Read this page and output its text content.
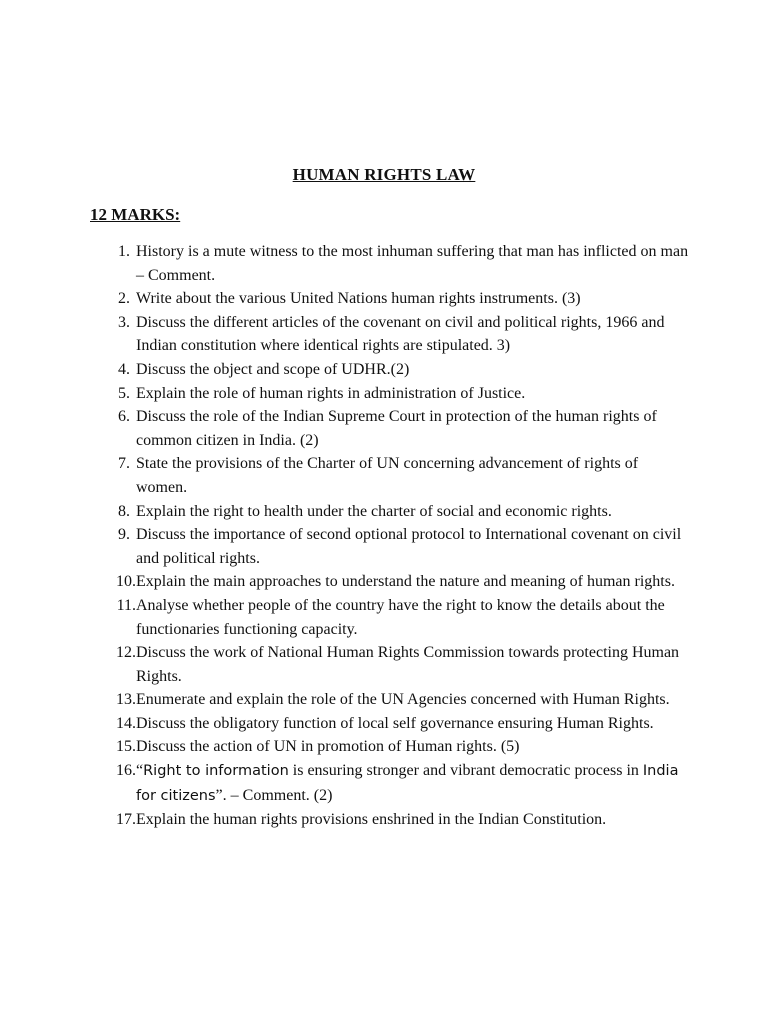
HUMAN RIGHTS LAW
12 MARKS:
1. History is a mute witness to the most inhuman suffering that man has inflicted on man – Comment.
2. Write about the various United Nations human rights instruments. (3)
3. Discuss the different articles of the covenant on civil and political rights, 1966 and Indian constitution where identical rights are stipulated. 3)
4. Discuss the object and scope of UDHR.(2)
5. Explain the role of human rights in administration of Justice.
6. Discuss the role of the Indian Supreme Court in protection of the human rights of common citizen in India. (2)
7. State the provisions of the Charter of UN concerning advancement of rights of women.
8. Explain the right to health under the charter of social and economic rights.
9. Discuss the importance of second optional protocol to International covenant on civil and political rights.
10. Explain the main approaches to understand the nature and meaning of human rights.
11. Analyse whether people of the country have the right to know the details about the functionaries functioning capacity.
12. Discuss the work of National Human Rights Commission towards protecting Human Rights.
13. Enumerate and explain the role of the UN Agencies concerned with Human Rights.
14. Discuss the obligatory function of local self governance ensuring Human Rights.
15. Discuss the action of UN in promotion of Human rights. (5)
16. “Right to information is ensuring stronger and vibrant democratic process in India for citizens”. – Comment. (2)
17. Explain the human rights provisions enshrined in the Indian Constitution.
